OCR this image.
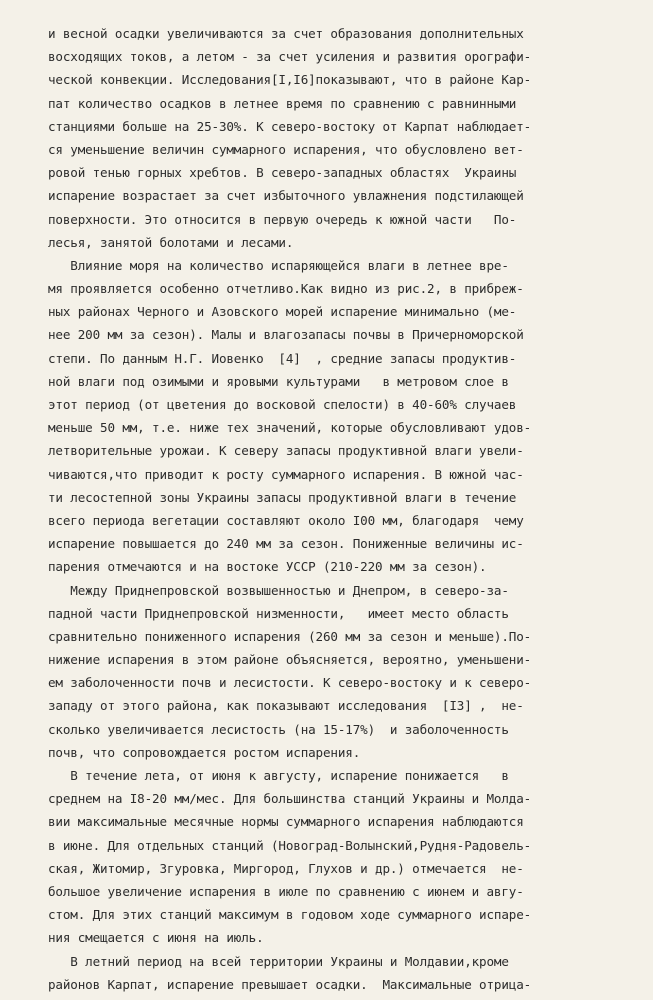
и весной осадки увеличиваются за счет образования дополнительных
восходящих токов, а летом - за счет усиления и развития орографи-
ческой конвекции. Исследования[I,I6]показывают, что в районе Кар-
пат количество осадков в летнее время по сравнению с равнинными
станциями больше на 25-30%. К северо-востоку от Карпат наблюдает-
ся уменьшение величин суммарного испарения, что обусловлено вет-
ровой тенью горных хребтов. В северо-западных областях  Украины
испарение возрастает за счет избыточного увлажнения подстилающей
поверхности. Это относится в первую очередь к южной части   По-
лесья, занятой болотами и лесами.
Влияние моря на количество испаряющейся влаги в летнее вре-
мя проявляется особенно отчетливо.Как видно из рис.2, в прибреж-
ных районах Черного и Азовского морей испарение минимально (ме-
нее 200 мм за сезон). Малы и влагозапасы почвы в Причерноморской
степи. По данным Н.Г. Иовенко  [4]  , средние запасы продуктив-
ной влаги под озимыми и яровыми культурами   в метровом слое в
этот период (от цветения до восковой спелости) в 40-60% случаев
меньше 50 мм, т.е. ниже тех значений, которые обусловливают удов-
летворительные урожаи. К северу запасы продуктивной влаги увели-
чиваются,что приводит к росту суммарного испарения. В южной час-
ти лесостепной зоны Украины запасы продуктивной влаги в течение
всего периода вегетации составляют около I00 мм, благодаря  чему
испарение повышается до 240 мм за сезон. Пониженные величины ис-
парения отмечаются и на востоке УССР (210-220 мм за сезон).
Между Приднепровской возвышенностью и Днепром, в северо-за-
падной части Приднепровской низменности,   имеет место область
сравнительно пониженного испарения (260 мм за сезон и меньше).По-
нижение испарения в этом районе объясняется, вероятно, уменьшени-
ем заболоченности почв и лесистости. К северо-востоку и к северо-
западу от этого района, как показывают исследования  [I3] ,  не-
сколько увеличивается лесистость (на 15-17%)  и заболоченность
почв, что сопровождается ростом испарения.
В течение лета, от июня к августу, испарение понижается   в
среднем на I8-20 мм/мес. Для большинства станций Украины и Молда-
вии максимальные месячные нормы суммарного испарения наблюдаются
в июне. Для отдельных станций (Новоград-Волынский,Рудня-Радовель-
ская, Житомир, Згуровка, Миргород, Глухов и др.) отмечается  не-
большое увеличение испарения в июле по сравнению с июнем и авгу-
стом. Для этих станций максимум в годовом ходе суммарного испаре-
ния смещается с июня на июль.
В летний период на всей территории Украины и Молдавии,кроме
районов Карпат, испарение превышает осадки.  Максимальные отрица-
